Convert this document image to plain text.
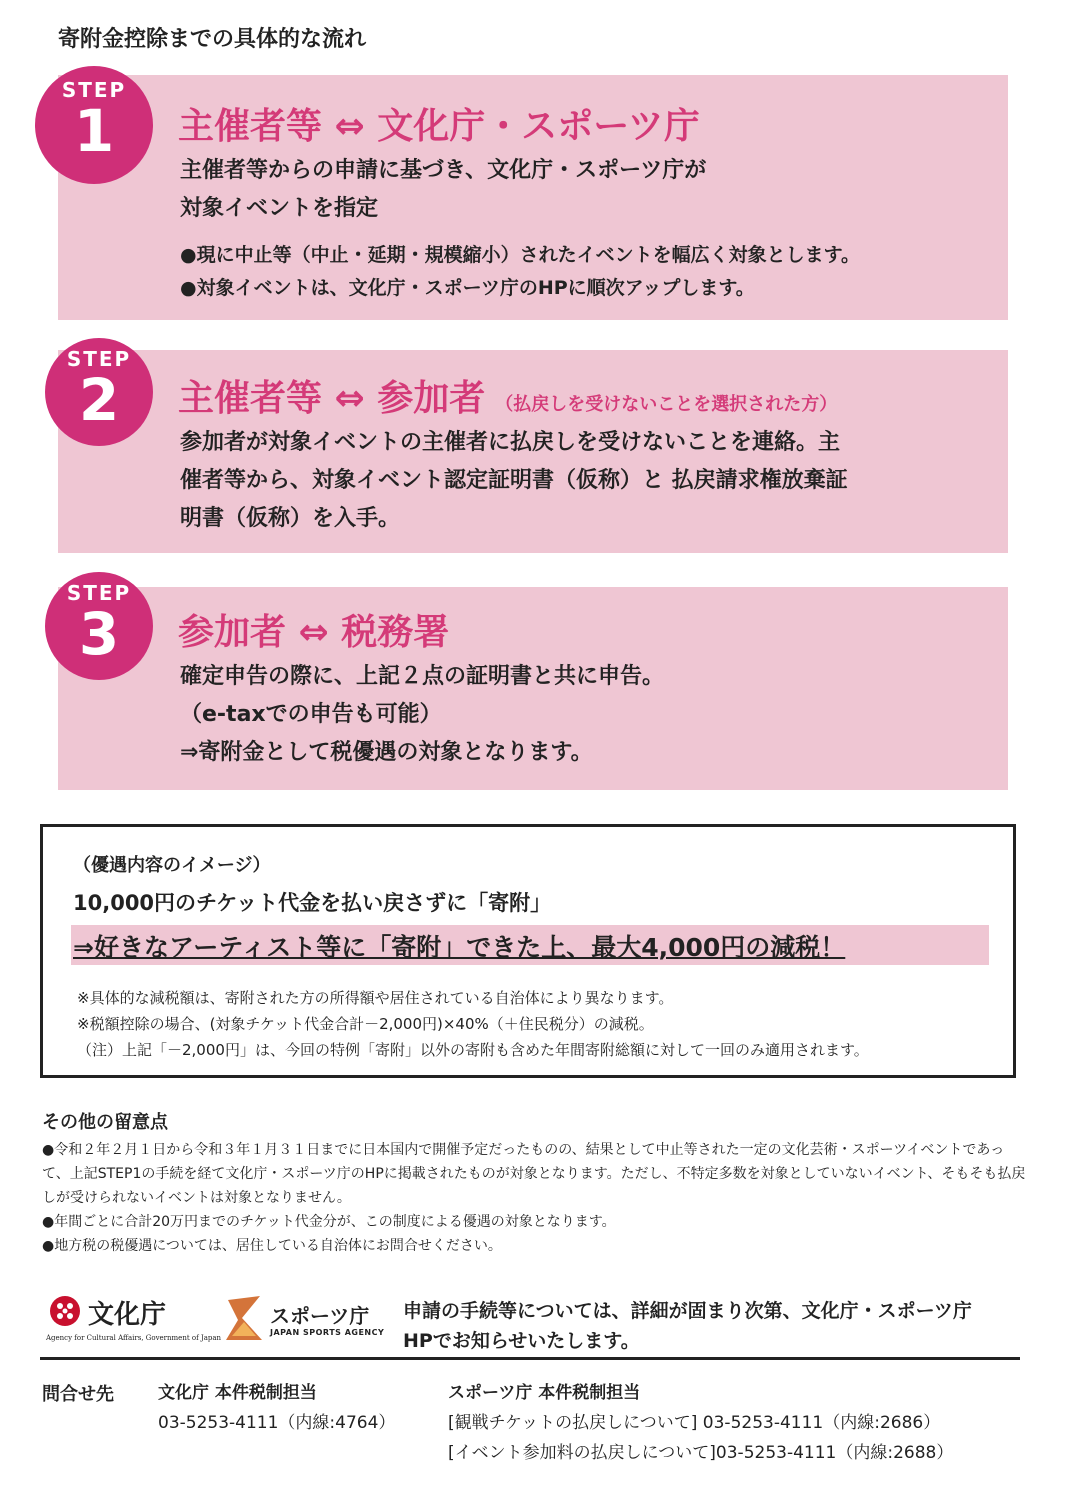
寄附金控除までの具体的な流れ
STEP
1	主催者等 ⇔ 文化庁・スポーツ庁
主催者等からの申請に基づき、文化庁・スポーツ庁が
対象イベントを指定
●現に中止等（中止・延期・規模縮小）されたイベントを幅広く対象とします。
●対象イベントは、文化庁・スポーツ庁のHPに順次アップします。
STEP
2	主催者等 ⇔ 参加者 （払戻しを受けないことを選択された方）
参加者が対象イベントの主催者に払戻しを受けないことを連絡。主
催者等から、対象イベント認定証明書（仮称）と 払戻請求権放棄証
明書（仮称）を入手。
STEP
3	参加者 ⇔ 税務署
確定申告の際に、上記２点の証明書と共に申告。
（e-taxでの申告も可能）
⇒寄附金として税優遇の対象となります。
（優遇内容のイメージ）
10,000円のチケット代金を払い戻さずに「寄附」
⇒好きなアーティスト等に「寄附」できた上、最大4,000円の減税！
※具体的な減税額は、寄附された方の所得額や居住されている自治体により異なります。
※税額控除の場合、(対象チケット代金合計－2,000円)×40%（＋住民税分）の減税。
（注）上記「－2,000円」は、今回の特例「寄附」以外の寄附も含めた年間寄附総額に対して一回のみ適用されます。
その他の留意点
●令和２年２月１日から令和３年１月３１日までに日本国内で開催予定だったものの、結果として中止等された一定の文化芸術・スポーツイベントであって、上記STEP1の手続を経て文化庁・スポーツ庁のHPに掲載されたものが対象となります。ただし、不特定多数を対象としていないイベント、そもそも払戻しが受けられないイベントは対象となりません。
●年間ごとに合計20万円までのチケット代金分が、この制度による優遇の対象となります。
●地方税の税優遇については、居住している自治体にお問合せください。
文化庁
Agency for Cultural Affairs, Government of Japan
スポーツ庁
JAPAN SPORTS AGENCY
申請の手続等については、詳細が固まり次第、文化庁・スポーツ庁
HPでお知らせいたします。
問合せ先	文化庁 本件税制担当
03-5253-4111（内線:4764）
スポーツ庁 本件税制担当
[観戦チケットの払戻しについて] 03-5253-4111（内線:2686）
[イベント参加料の払戻しについて]03-5253-4111（内線:2688）
